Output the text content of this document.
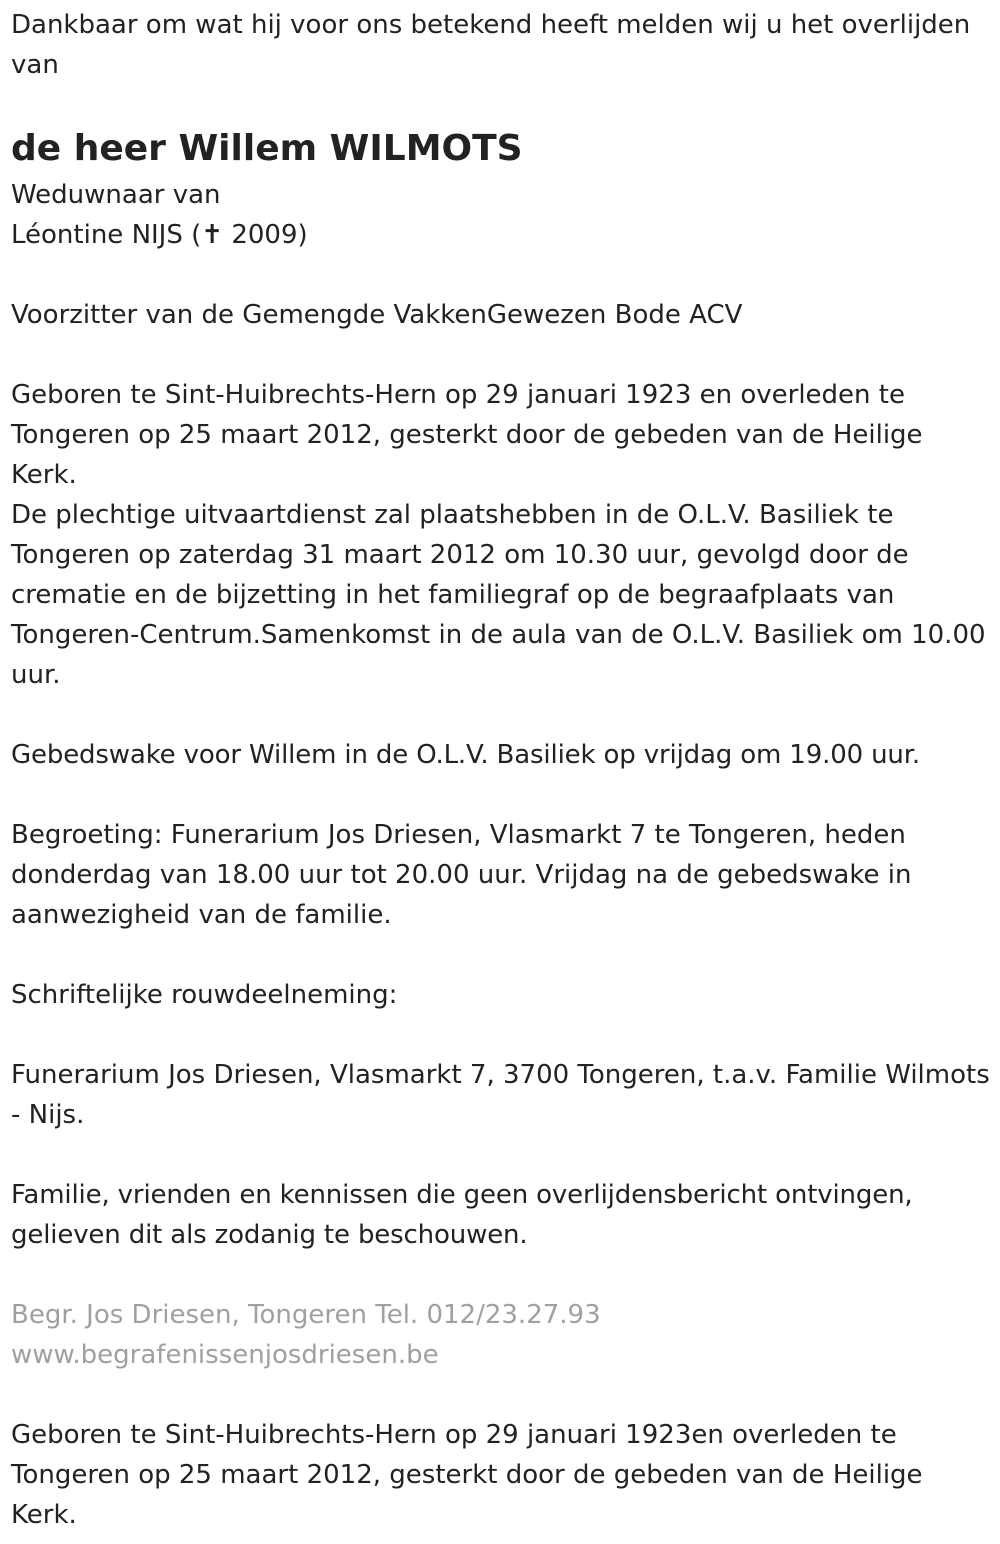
Dankbaar om wat hij voor ons betekend heeft melden wij u het overlijden van

de heer Willem WILMOTS

Weduwnaar van

Léontine NIJS (✝ 2009)

Voorzitter van de Gemengde VakkenGewezen Bode ACV

Geboren te Sint-Huibrechts-Hern op 29 januari 1923 en overleden te Tongeren op 25 maart 2012, gesterkt door de gebeden van de Heilige Kerk.

De plechtige uitvaartdienst zal plaatshebben in de O.L.V. Basiliek te Tongeren op zaterdag 31 maart 2012 om 10.30 uur, gevolgd door de crematie en de bijzetting in het familiegraf op de begraafplaats van Tongeren-Centrum.Samenkomst in de aula van de O.L.V. Basiliek om 10.00 uur.

Gebedswake voor Willem in de O.L.V. Basiliek op vrijdag om 19.00 uur.

Begroeting: Funerarium Jos Driesen, Vlasmarkt 7 te Tongeren, heden donderdag van 18.00 uur tot 20.00 uur. Vrijdag na de gebedswake in aanwezigheid van de familie.

Schriftelijke rouwdeelneming:

Funerarium Jos Driesen, Vlasmarkt 7, 3700 Tongeren, t.a.v. Familie Wilmots - Nijs.

Familie, vrienden en kennissen die geen overlijdensbericht ontvingen, gelieven dit als zodanig te beschouwen.

Begr. Jos Driesen, Tongeren Tel. 012/23.27.93

www.begrafenissenjosdriesen.be

Geboren te Sint-Huibrechts-Hern op 29 januari 1923en overleden te Tongeren op 25 maart 2012, gesterkt door de gebeden van de Heilige Kerk.
